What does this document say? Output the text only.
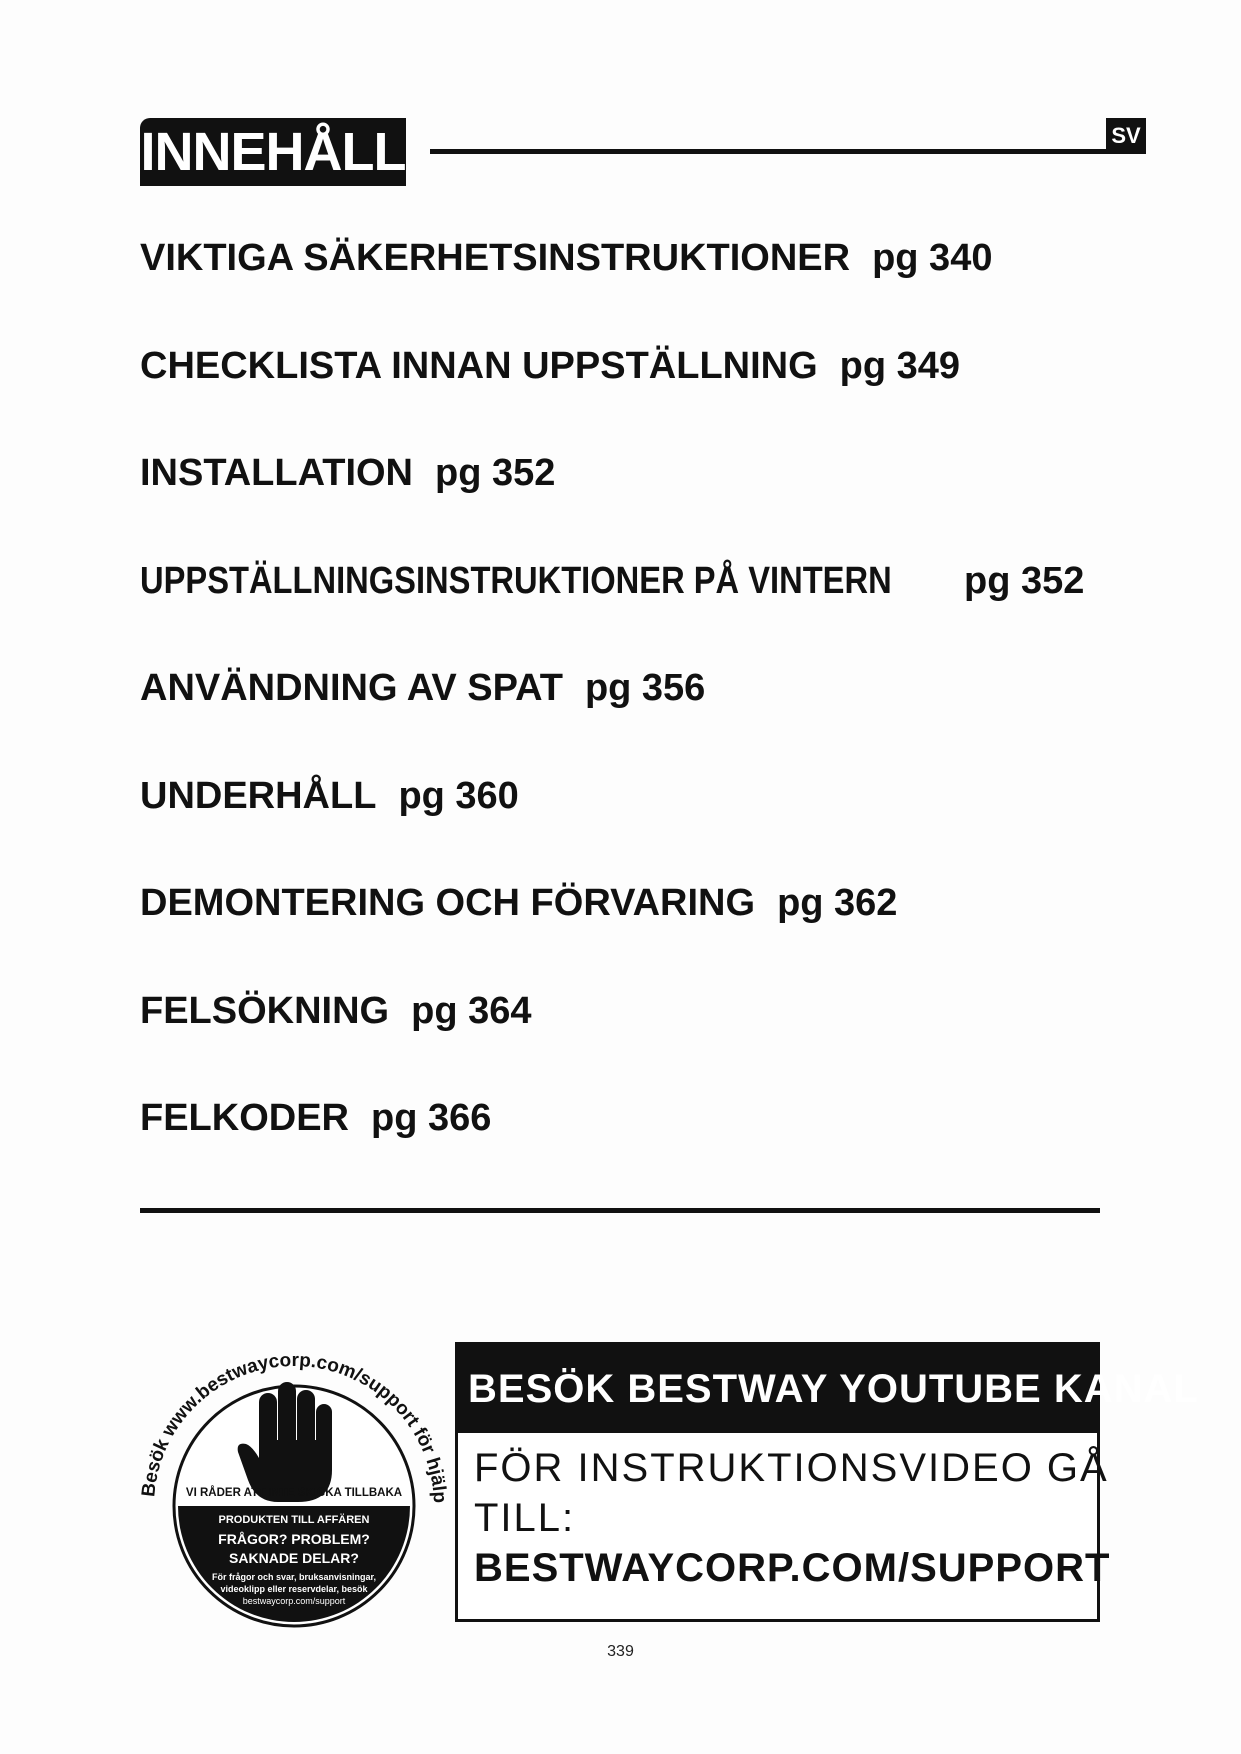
INNEHÅLL	SV
VIKTIGA SÄKERHETSINSTRUKTIONER pg 340
CHECKLISTA INNAN UPPSTÄLLNING pg 349
INSTALLATION pg 352
UPPSTÄLLNINGSINSTRUKTIONER PÅ VINTERN pg 352
ANVÄNDNING AV SPAT pg 356
UNDERHÅLL pg 360
DEMONTERING OCH FÖRVARING pg 362
FELSÖKNING pg 364
FELKODER pg 366
Besök www.bestwaycorp.com/support för hjälp
VI RÅDER ATT INTE SKICKA TILLBAKA
PRODUKTEN TILL AFFÄREN
FRÅGOR? PROBLEM?
SAKNADE DELAR?
För frågor och svar, bruksanvisningar,
videoklipp eller reservdelar, besök
bestwaycorp.com/support
BESÖK BESTWAY YOUTUBE KANAL
FÖR INSTRUKTIONSVIDEO GÅ
TILL:
BESTWAYCORP.COM/SUPPORT
339
